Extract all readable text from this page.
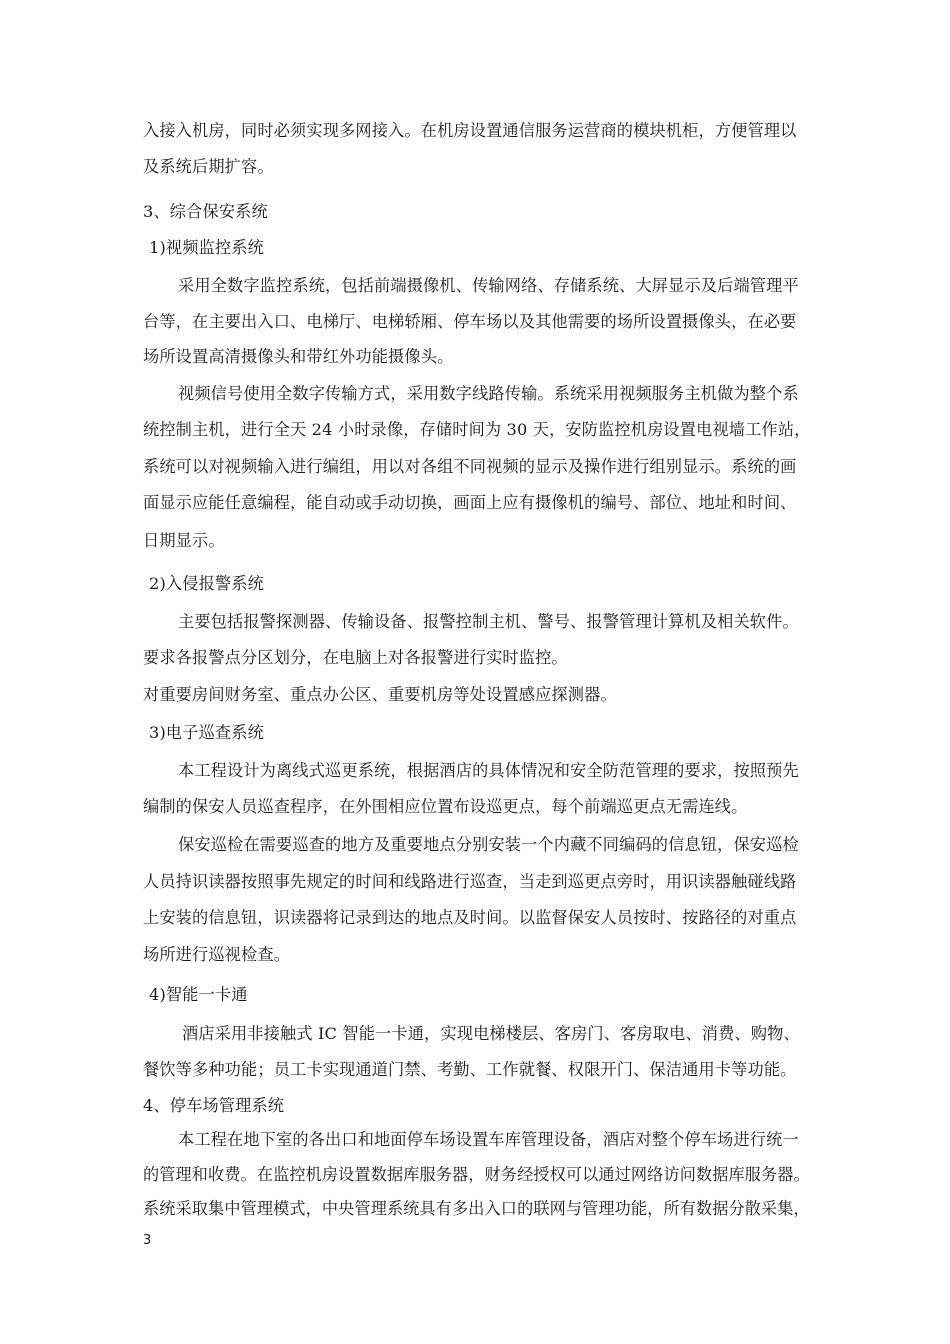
入接入机房，同时必须实现多网接入。在机房设置通信服务运营商的模块机柜，方便管理以
及系统后期扩容。
3、综合保安系统
1)视频监控系统
采用全数字监控系统，包括前端摄像机、传输网络、存储系统、大屏显示及后端管理平
台等，在主要出入口、电梯厅、电梯轿厢、停车场以及其他需要的场所设置摄像头，在必要
场所设置高清摄像头和带红外功能摄像头。
视频信号使用全数字传输方式，采用数字线路传输。系统采用视频服务主机做为整个系
统控制主机，进行全天 24 小时录像，存储时间为 30 天，安防监控机房设置电视墙工作站，
系统可以对视频输入进行编组，用以对各组不同视频的显示及操作进行组别显示。系统的画
面显示应能任意编程，能自动或手动切换，画面上应有摄像机的编号、部位、地址和时间、
日期显示。
2)入侵报警系统
主要包括报警探测器、传输设备、报警控制主机、警号、报警管理计算机及相关软件。
要求各报警点分区划分，在电脑上对各报警进行实时监控。
对重要房间财务室、重点办公区、重要机房等处设置感应探测器。
3)电子巡查系统
本工程设计为离线式巡更系统，根据酒店的具体情况和安全防范管理的要求，按照预先
编制的保安人员巡查程序，在外围相应位置布设巡更点，每个前端巡更点无需连线。
保安巡检在需要巡查的地方及重要地点分别安装一个内藏不同编码的信息钮，保安巡检
人员持识读器按照事先规定的时间和线路进行巡查，当走到巡更点旁时，用识读器触碰线路
上安装的信息钮，识读器将记录到达的地点及时间。以监督保安人员按时、按路径的对重点
场所进行巡视检查。
4)智能一卡通
酒店采用非接触式 IC 智能一卡通，实现电梯楼层、客房门、客房取电、消费、购物、
餐饮等多种功能；员工卡实现通道门禁、考勤、工作就餐、权限开门、保洁通用卡等功能。
4、停车场管理系统
本工程在地下室的各出口和地面停车场设置车库管理设备，酒店对整个停车场进行统一
的管理和收费。在监控机房设置数据库服务器，财务经授权可以通过网络访问数据库服务器。
系统采取集中管理模式，中央管理系统具有多出入口的联网与管理功能，所有数据分散采集，
3
